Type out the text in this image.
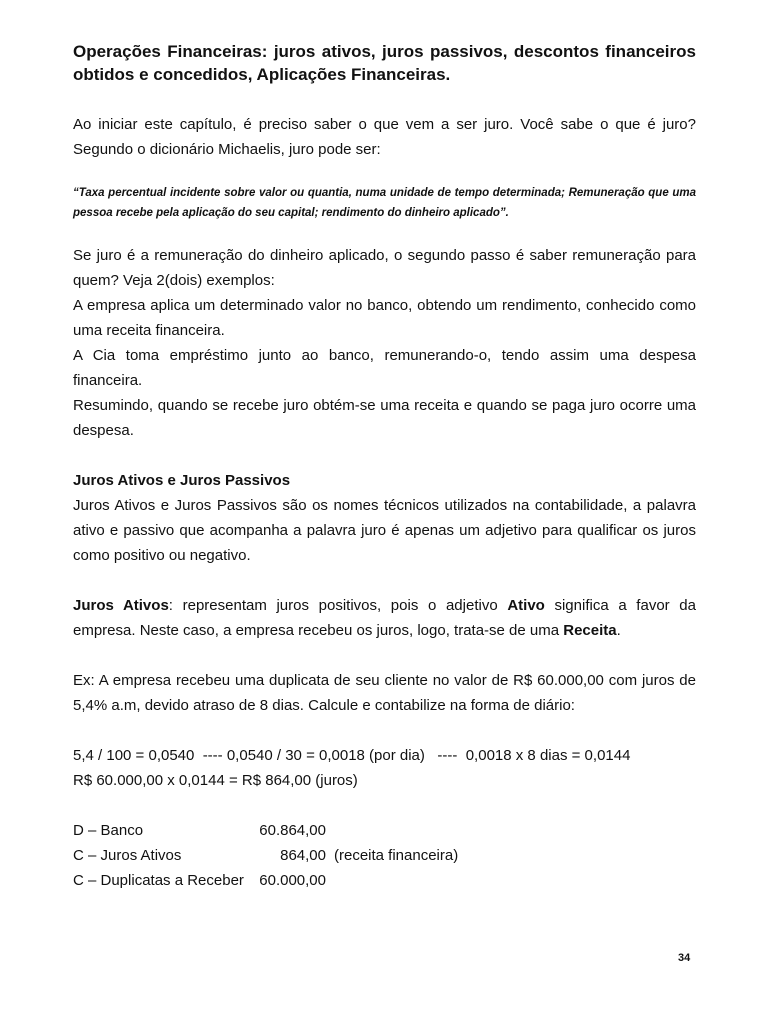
Operações Financeiras: juros ativos, juros passivos, descontos financeiros obtidos e concedidos, Aplicações Financeiras.

Ao iniciar este capítulo, é preciso saber o que vem a ser juro. Você sabe o que é juro? Segundo o dicionário Michaelis, juro pode ser:

“Taxa percentual incidente sobre valor ou quantia, numa unidade de tempo determinada; Remuneração que uma pessoa recebe pela aplicação do seu capital; rendimento do dinheiro aplicado”.

Se juro é a remuneração do dinheiro aplicado, o segundo passo é saber remuneração para quem? Veja 2(dois) exemplos:

A empresa aplica um determinado valor no banco, obtendo um rendimento, conhecido como uma receita financeira.

A Cia toma empréstimo junto ao banco, remunerando-o, tendo assim uma despesa financeira.

Resumindo, quando se recebe juro obtém-se uma receita e quando se paga juro ocorre uma despesa.

Juros Ativos e Juros Passivos

Juros Ativos e Juros Passivos são os nomes técnicos utilizados na contabilidade, a palavra ativo e passivo que acompanha a palavra juro é apenas um adjetivo para qualificar os juros como positivo ou negativo.

Juros Ativos: representam juros positivos, pois o adjetivo Ativo significa a favor da empresa. Neste caso, a empresa recebeu os juros, logo, trata-se de uma Receita.

Ex: A empresa recebeu uma duplicata de seu cliente no valor de R$ 60.000,00 com juros de 5,4% a.m, devido atraso de 8 dias. Calcule e contabilize na forma de diário:

5,4 / 100 = 0,0540  ---- 0,0540 / 30 = 0,0018 (por dia)   ----  0,0018 x 8 dias = 0,0144
R$ 60.000,00 x 0,0144 = R$ 864,00 (juros)
D – Banco	60.864,00
C – Juros Ativos	864,00 (receita financeira)
C – Duplicatas a Receber	60.000,00
34
